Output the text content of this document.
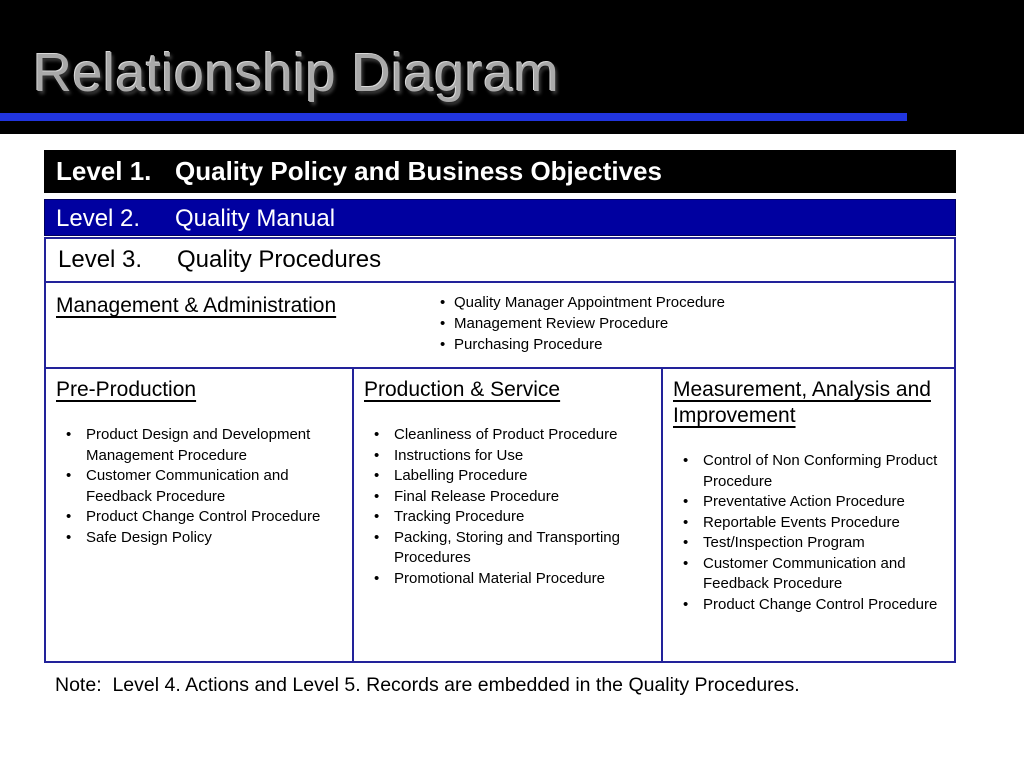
Relationship Diagram
Level 1. Quality Policy and Business Objectives
Level 2.	Quality Manual
Level 3.	Quality Procedures
Management & Administration	• Quality Manager Appointment Procedure
• Management Review Procedure
• Purchasing Procedure
Pre-Production
• Product Design and Development Management Procedure
• Customer Communication and Feedback Procedure
• Product Change Control Procedure
• Safe Design Policy
Production & Service
• Cleanliness of Product Procedure
• Instructions for Use
• Labelling Procedure
• Final Release Procedure
• Tracking Procedure
• Packing, Storing and Transporting Procedures
• Promotional Material Procedure
Measurement, Analysis and Improvement
• Control of Non Conforming Product Procedure
• Preventative Action Procedure
• Reportable Events Procedure
• Test/Inspection Program
• Customer Communication and Feedback Procedure
• Product Change Control Procedure

Note:  Level 4. Actions and Level 5. Records are embedded in the Quality Procedures.
